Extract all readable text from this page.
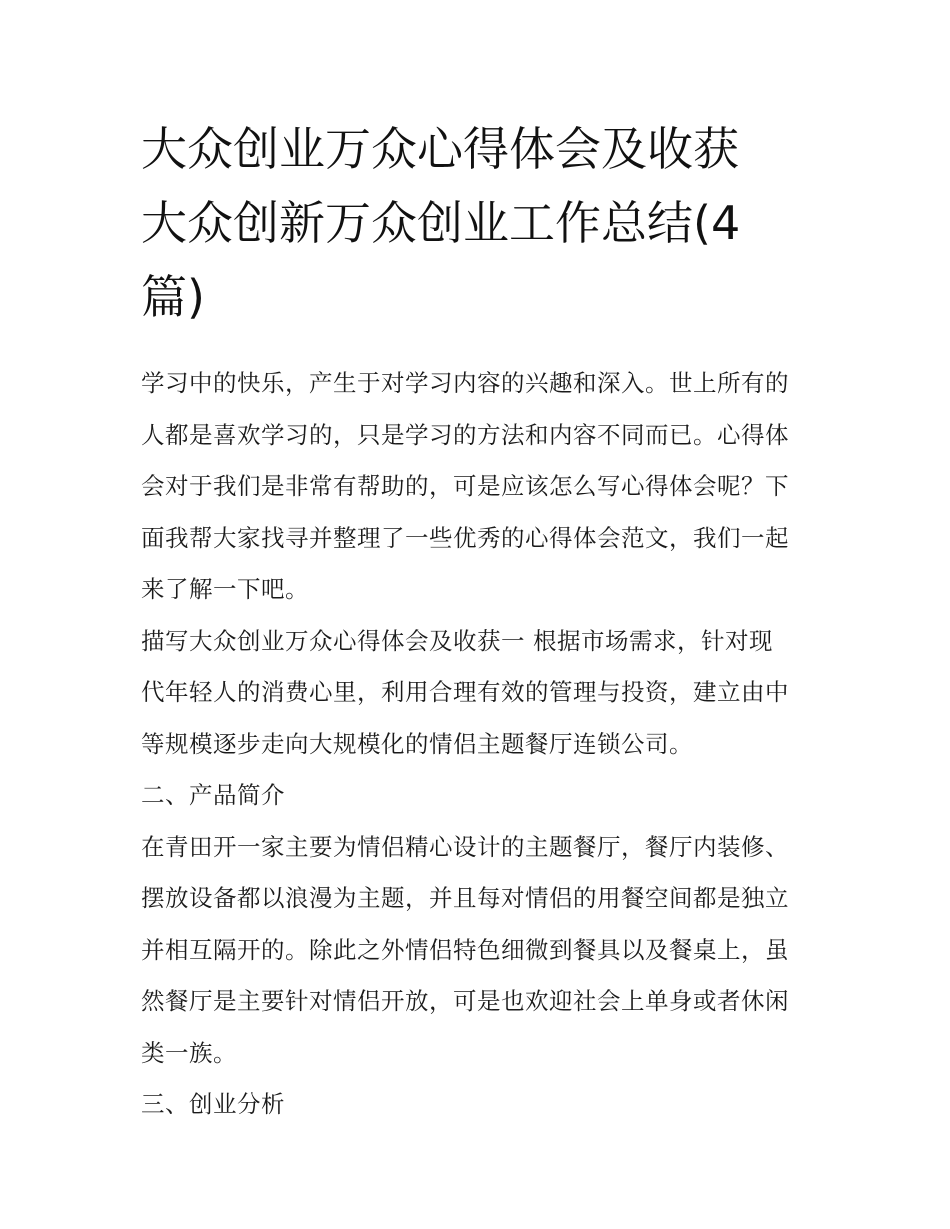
大众创业万众心得体会及收获
大众创新万众创业工作总结(4
篇)

学习中的快乐，产生于对学习内容的兴趣和深入。世上所有的
人都是喜欢学习的，只是学习的方法和内容不同而已。心得体
会对于我们是非常有帮助的，可是应该怎么写心得体会呢？下
面我帮大家找寻并整理了一些优秀的心得体会范文，我们一起
来了解一下吧。

描写大众创业万众心得体会及收获一 根据市场需求，针对现
代年轻人的消费心里，利用合理有效的管理与投资，建立由中
等规模逐步走向大规模化的情侣主题餐厅连锁公司。

二、产品简介

在青田开一家主要为情侣精心设计的主题餐厅，餐厅内装修、
摆放设备都以浪漫为主题，并且每对情侣的用餐空间都是独立
并相互隔开的。除此之外情侣特色细微到餐具以及餐桌上，虽
然餐厅是主要针对情侣开放，可是也欢迎社会上单身或者休闲
类一族。

三、创业分析
